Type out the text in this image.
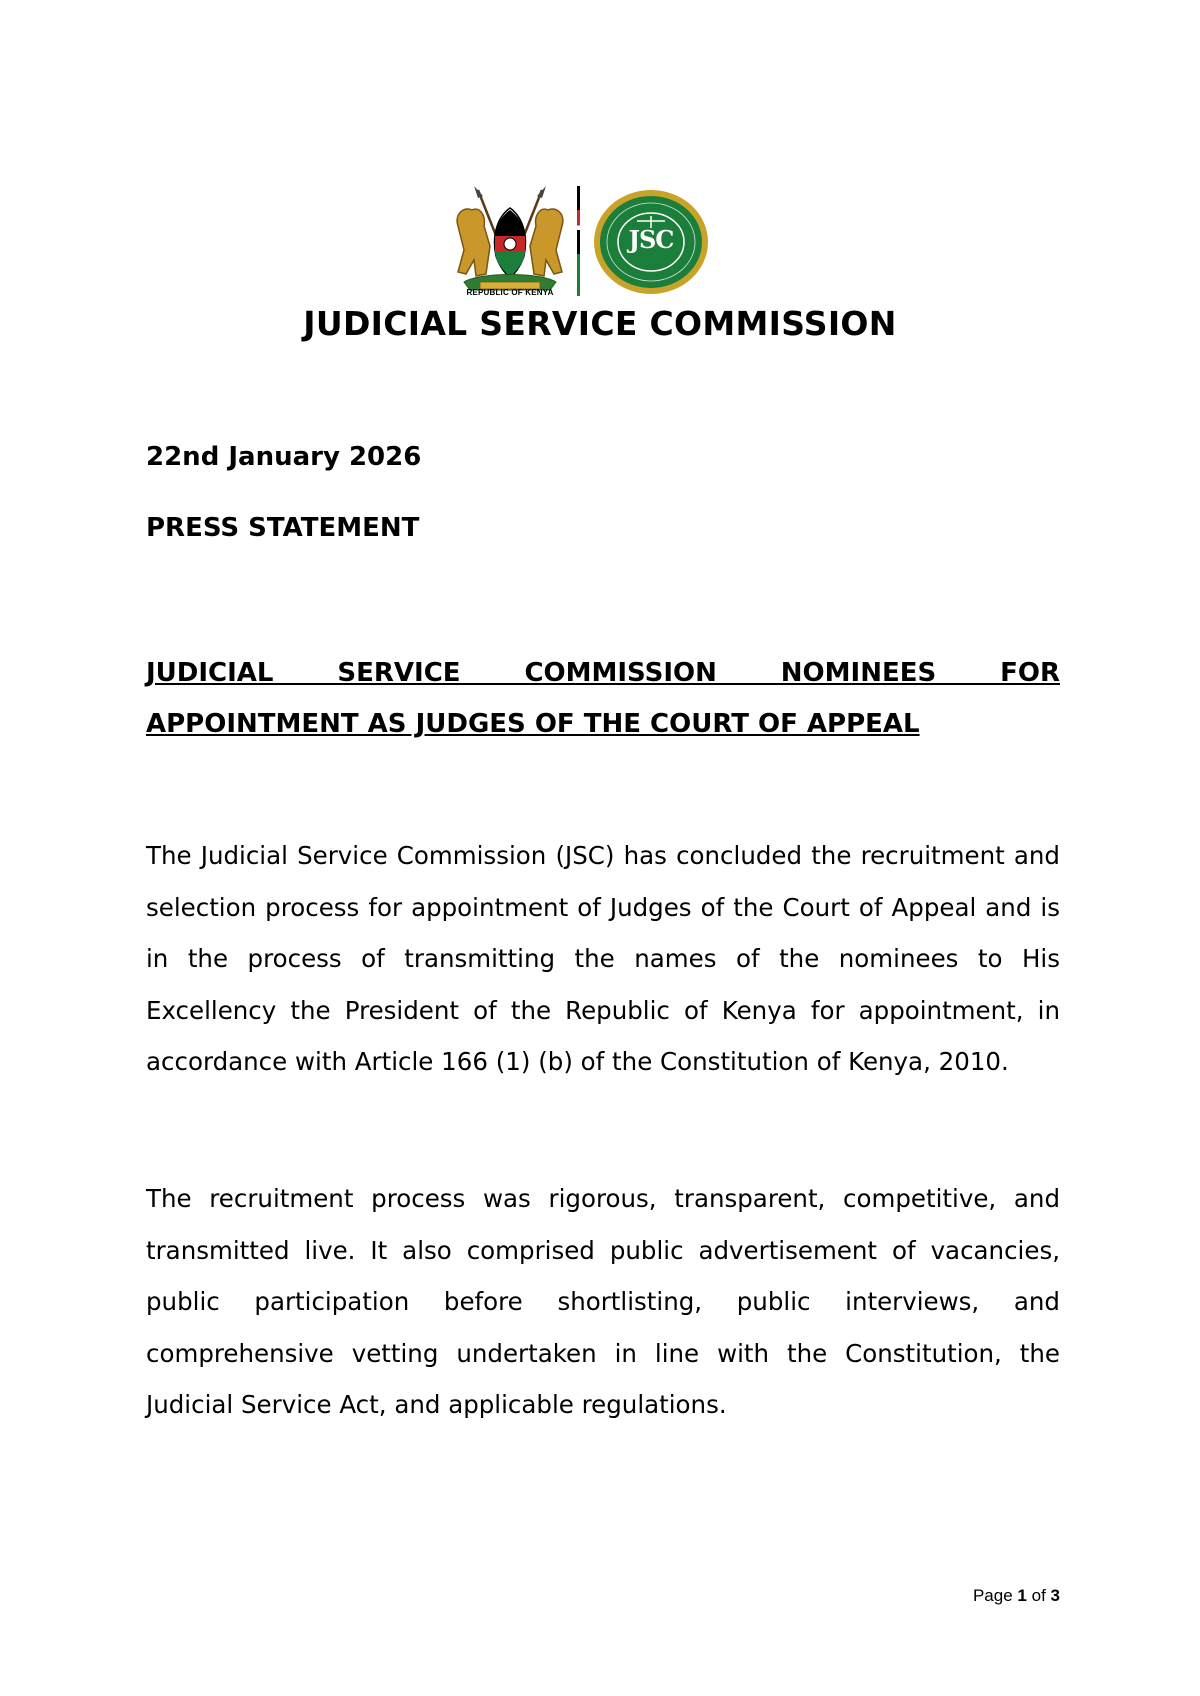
REPUBLIC OF KENYA
JSC
JUDICIAL SERVICE COMMISSION
22nd January 2026
PRESS STATEMENT
JUDICIAL SERVICE COMMISSION NOMINEES FOR APPOINTMENT AS JUDGES OF THE COURT OF APPEAL

The Judicial Service Commission (JSC) has concluded the recruitment and selection process for appointment of Judges of the Court of Appeal and is in the process of transmitting the names of the nominees to His Excellency the President of the Republic of Kenya for appointment, in accordance with Article 166 (1) (b) of the Constitution of Kenya, 2010.

The recruitment process was rigorous, transparent, competitive, and transmitted live. It also comprised public advertisement of vacancies, public participation before shortlisting, public interviews, and comprehensive vetting undertaken in line with the Constitution, the Judicial Service Act, and applicable regulations.

Page 1 of 3
